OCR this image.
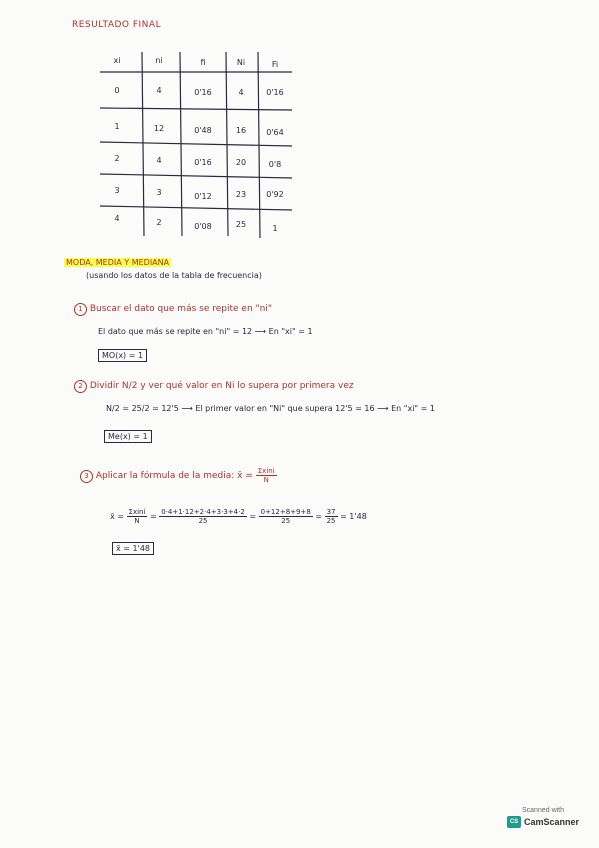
RESULTADO FINAL
xi	ni	fi	Ni	Fi
0	4	0'16	4	0'16
1	12	0'48	16	0'64
2	4	0'16	20	0'8
3	3	0'12	23	0'92
4	2	0'08	25	1
MODA, MEDIA Y MEDIANA
(usando los datos de la tabla de frecuencia)
1 Buscar el dato que más se repite en "ni"
El dato que más se repite en "ni" = 12 ⟶ En "xi" = 1
MO(x) = 1
2 Dividir N/2 y ver qué valor en Ni lo supera por primera vez
N/2 = 25/2 = 12'5 ⟶ El primer valor en "Ni" que supera 12'5 = 16 ⟶ En "xi" = 1
Me(x) = 1
3 Aplicar la fórmula de la media: x̄ = $\frac{\text{Σxini}}{N}$
x̄ = $\frac{\text{Σxini}}{N} = \frac{0\cdot 4+1\cdot 12+2\cdot 4+3\cdot 3+4\cdot 2}{25} = \frac{0+12+8+9+8}{25} = \frac{37}{25} = 1'48$
x̄ = 1'48
Scanned with
CS CamScanner
